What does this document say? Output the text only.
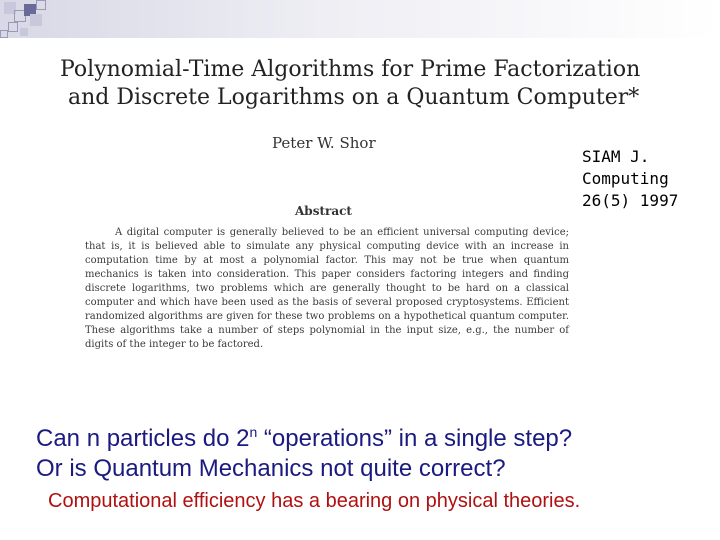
Polynomial-Time Algorithms for Prime Factorization
and Discrete Logarithms on a Quantum Computer*
Peter W. Shor
Abstract
A digital computer is generally believed to be an efficient universal computing device; that is, it is believed able to simulate any physical computing device with an increase in computation time by at most a polynomial factor. This may not be true when quantum mechanics is taken into consideration. This paper considers factoring integers and finding discrete logarithms, two problems which are generally thought to be hard on a classical computer and which have been used as the basis of several proposed cryptosystems. Efficient randomized algorithms are given for these two problems on a hypothetical quantum computer. These algorithms take a number of steps polynomial in the input size, e.g., the number of digits of the integer to be factored.
SIAM J.
Computing
26(5) 1997
Can n particles do 2$^n$ “operations” in a single step?
Or is Quantum Mechanics not quite correct?
Computational efficiency has a bearing on physical theories.
